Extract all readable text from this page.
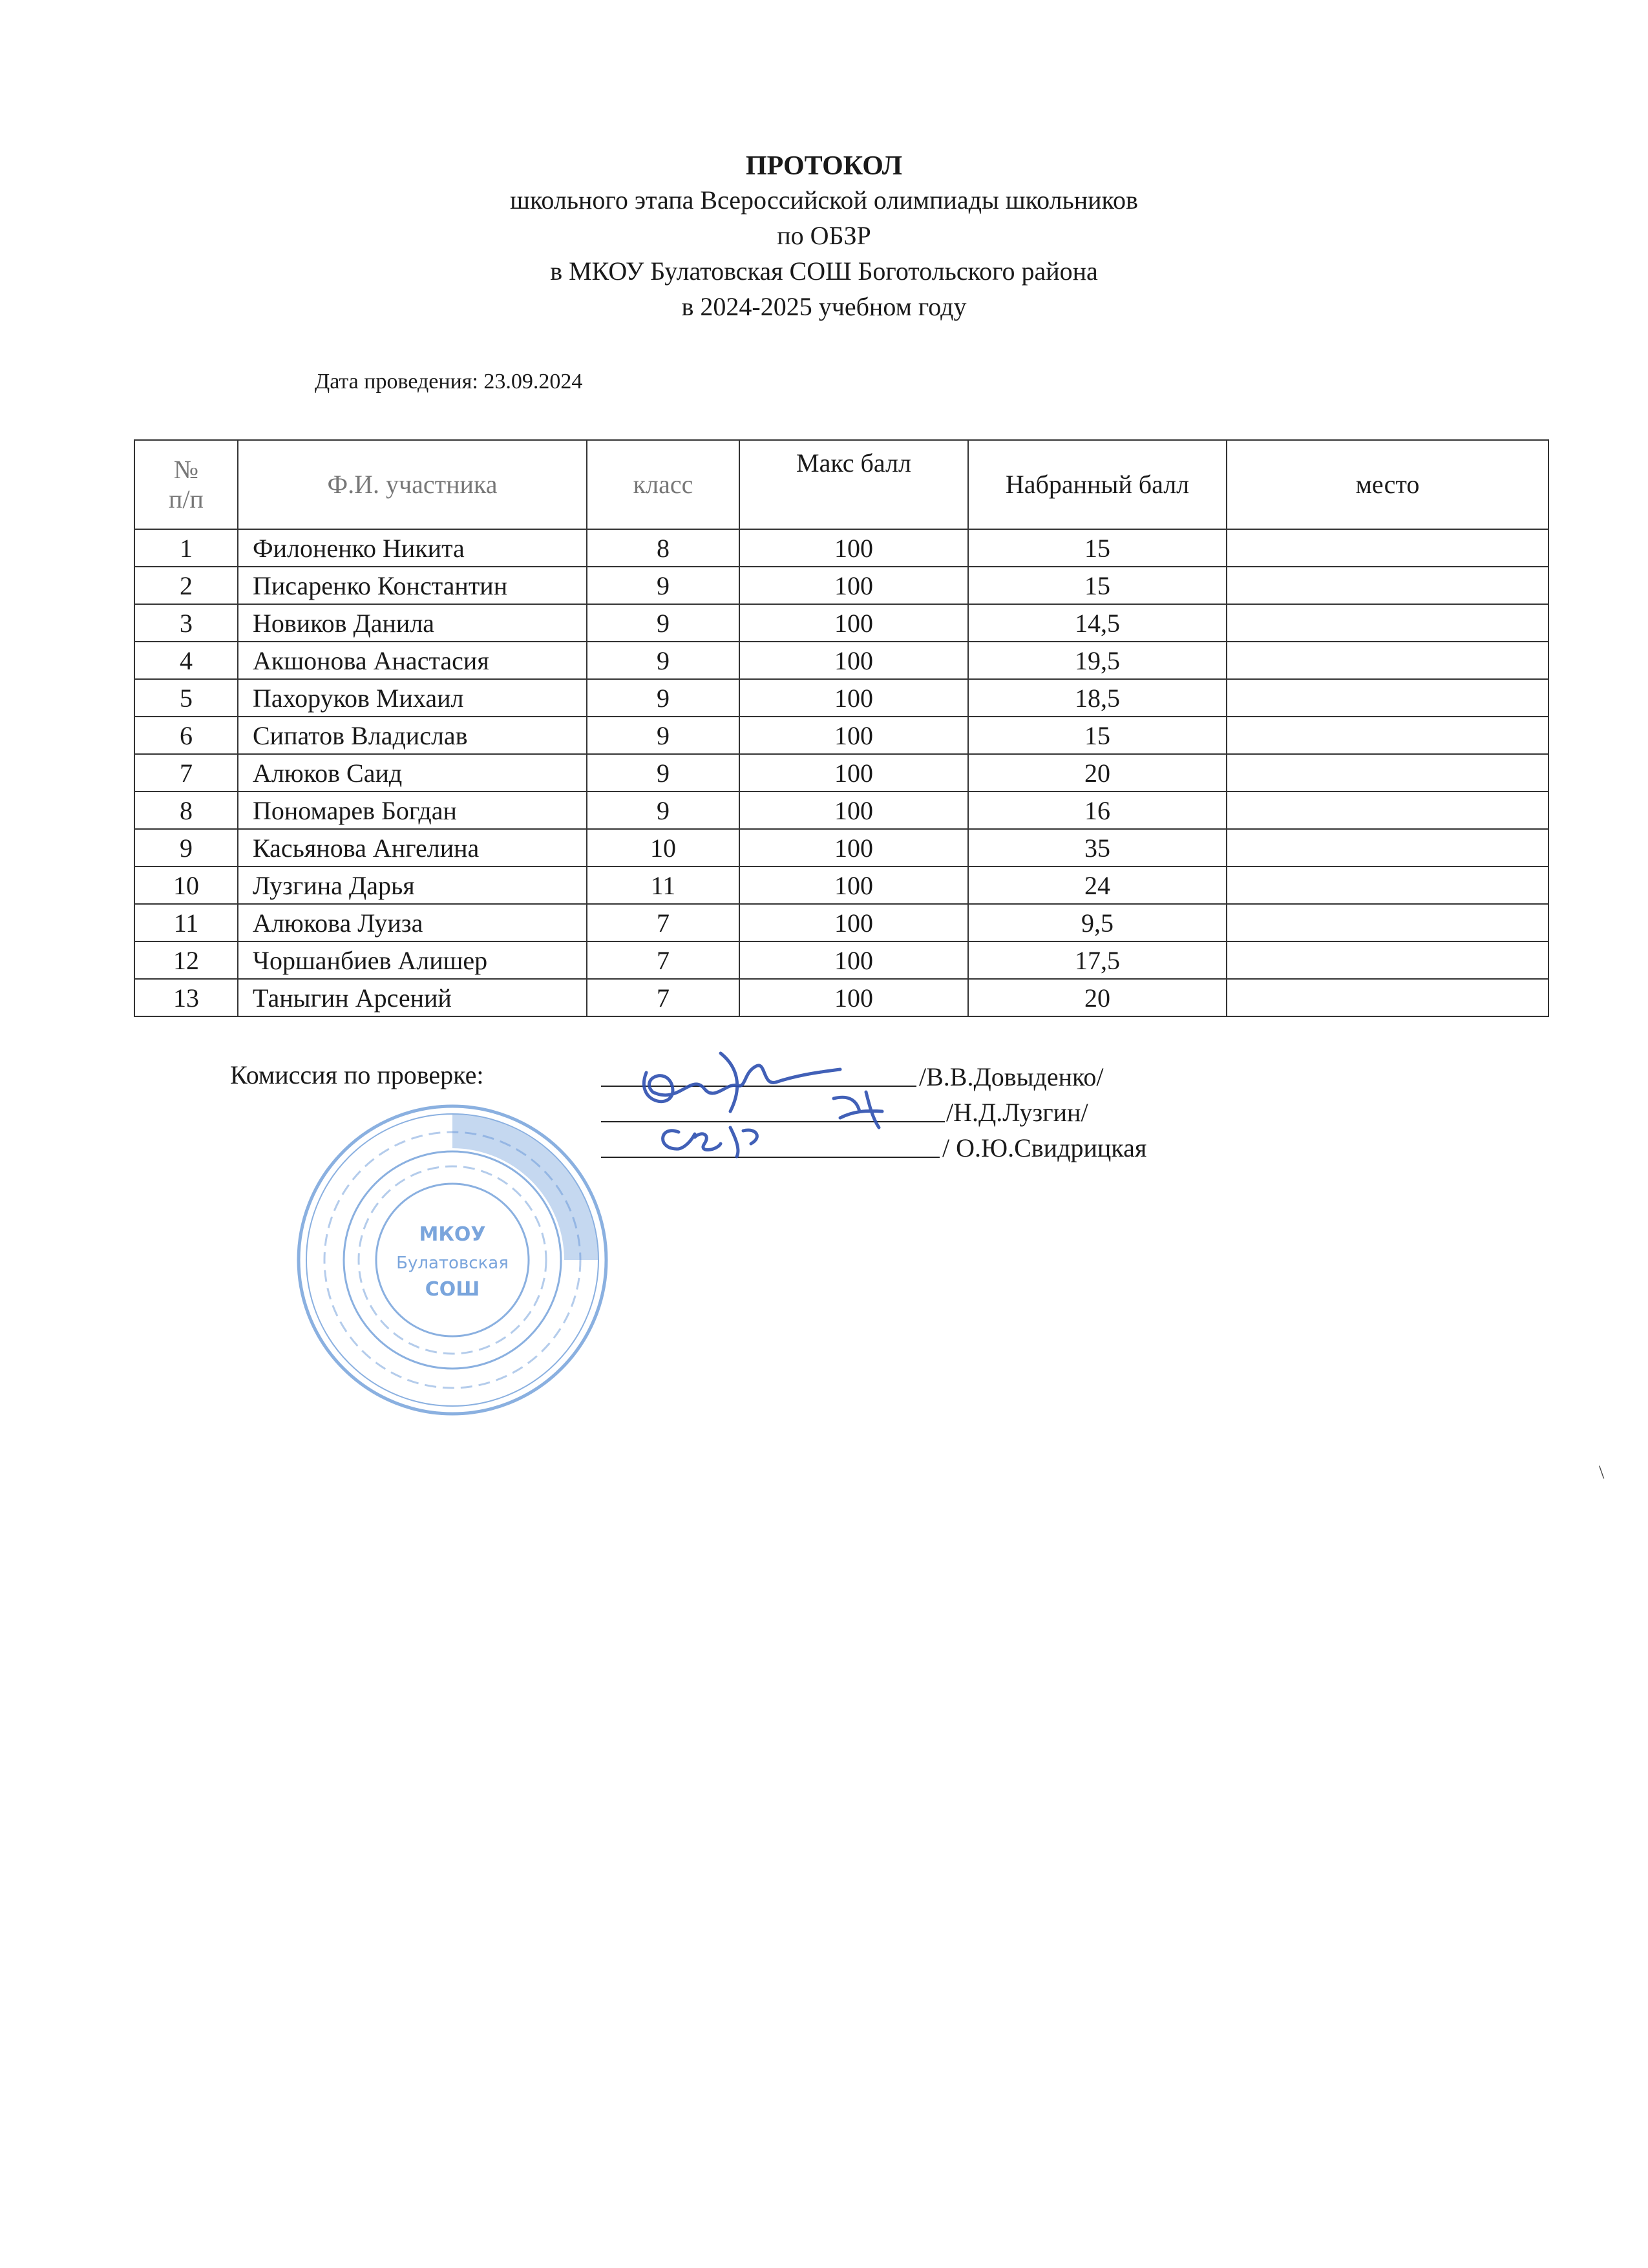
ПРОТОКОЛ
школьного этапа Всероссийской олимпиады школьников
по ОБЗР
в МКОУ Булатовская СОШ Боготольского района
в 2024-2025 учебном году
Дата проведения: 23.09.2024
№
п/п	Ф.И. участника	класс	Макс балл	Набранный балл	место
1	Филоненко Никита	8	100	15	
2	Писаренко Константин	9	100	15	
3	Новиков Данила	9	100	14,5	
4	Акшонова Анастасия	9	100	19,5	
5	Пахоруков Михаил	9	100	18,5	
6	Сипатов Владислав	9	100	15	
7	Алюков Саид	9	100	20	
8	Пономарев Богдан	9	100	16	
9	Касьянова Ангелина	10	100	35	
10	Лузгина Дарья	11	100	24	
11	Алюкова Луиза	7	100	9,5	
12	Чоршанбиев Алишер	7	100	17,5	
13	Таныгин Арсений	7	100	20	
МКОУ
Булатовская
СОШ
Комиссия по проверке:	/В.В.Довыденко/
/Н.Д.Лузгин/
/ О.Ю.Свидрицкая
\
